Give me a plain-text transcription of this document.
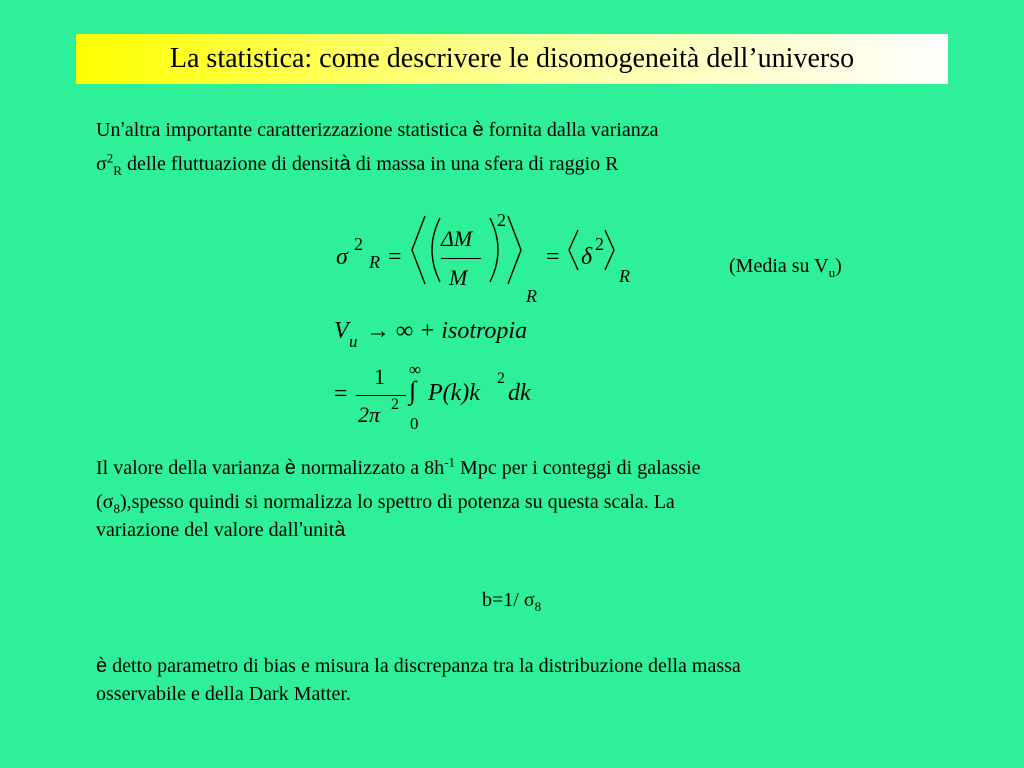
La statistica: come descrivere le disomogeneità dell’universo
Un’altra importante caratterizzazione statistica è fornita dalla varianza
$\sigma^2_R$ delle fluttuazione di densità di massa in una sfera di raggio R
σ 2
R =
ΔM
M
2
R
= δ 2
R	(Media su $V_u$)
V u → ∞ + isotropia
=
1
2π 2 ∫
∞
0
P(k)k
2
dk
Il valore della varianza è normalizzato a $8h^{-1}$ Mpc per i conteggi di galassie
$(\sigma_8),spesso$ quindi si normalizza lo spettro di potenza su questa scala. La
variazione del valore dall’unità
b=1/ $\sigma_8$
è detto parametro di bias e misura la discrepanza tra la distribuzione della massa
osservabile e della Dark Matter.
